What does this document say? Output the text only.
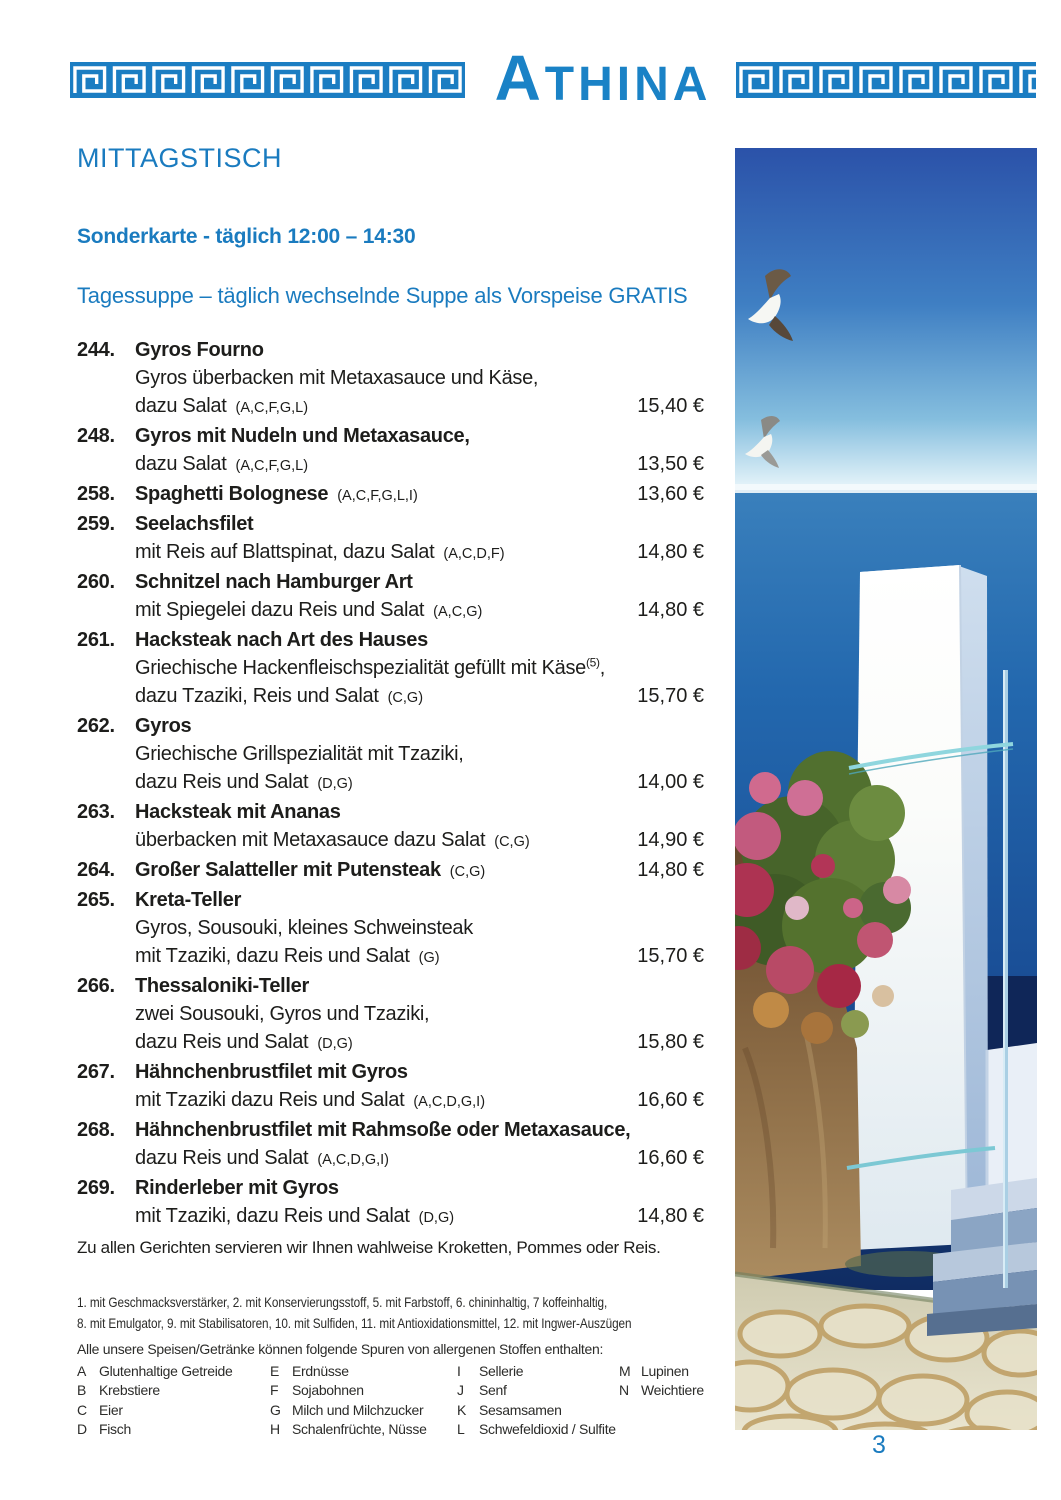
A THINA
MITTAGSTISCH
Sonderkarte - täglich 12:00 – 14:30
Tagessuppe – täglich wechselnde Suppe als Vorspeise GRATIS
244. Gyros Fourno
Gyros überbacken mit Metaxasauce und Käse,
dazu Salat (A,C,F,G,L)	15,40 €
248. Gyros mit Nudeln und Metaxasauce,
dazu Salat (A,C,F,G,L)	13,50 €
258. Spaghetti Bolognese (A,C,F,G,L,I)	13,60 €
259. Seelachsfilet
mit Reis auf Blattspinat, dazu Salat (A,C,D,F)	14,80 €
260. Schnitzel nach Hamburger Art
mit Spiegelei dazu Reis und Salat (A,C,G)	14,80 €
261. Hacksteak nach Art des Hauses
Griechische Hackenfleischspezialität gefüllt mit Käse$^{(5)}$,
dazu Tzaziki, Reis und Salat (C,G)	15,70 €
262. Gyros
Griechische Grillspezialität mit Tzaziki,
dazu Reis und Salat (D,G)	14,00 €
263. Hacksteak mit Ananas
überbacken mit Metaxasauce dazu Salat (C,G)	14,90 €
264. Großer Salatteller mit Putensteak (C,G)	14,80 €
265. Kreta-Teller
Gyros, Sousouki, kleines Schweinsteak
mit Tzaziki, dazu Reis und Salat (G)	15,70 €
266. Thessaloniki-Teller
zwei Sousouki, Gyros und Tzaziki,
dazu Reis und Salat (D,G)	15,80 €
267. Hähnchenbrustfilet mit Gyros
mit Tzaziki dazu Reis und Salat (A,C,D,G,I)	16,60 €
268. Hähnchenbrustfilet mit Rahmsoße oder Metaxasauce,
dazu Reis und Salat (A,C,D,G,I)	16,60 €
269. Rinderleber mit Gyros
mit Tzaziki, dazu Reis und Salat (D,G)	14,80 €

Zu allen Gerichten servieren wir Ihnen wahlweise Kroketten, Pommes oder Reis.

1. mit Geschmacksverstärker, 2. mit Konservierungsstoff, 5. mit Farbstoff, 6. chininhaltig, 7 koffeinhaltig,
8. mit Emulgator, 9. mit Stabilisatoren, 10. mit Sulfiden, 11. mit Antioxidationsmittel, 12. mit Ingwer-Auszügen
Alle unsere Speisen/Getränke können folgende Spuren von allergenen Stoffen enthalten:
A Glutenhaltige Getreide	E Erdnüsse	I Sellerie	M Lupinen
B Krebstiere	F Sojabohnen	J Senf	N Weichtiere
C Eier	G Milch und Milchzucker K Sesamsamen
D Fisch	H Schalenfrüchte, Nüsse L Schwefeldioxid / Sulfite
3
